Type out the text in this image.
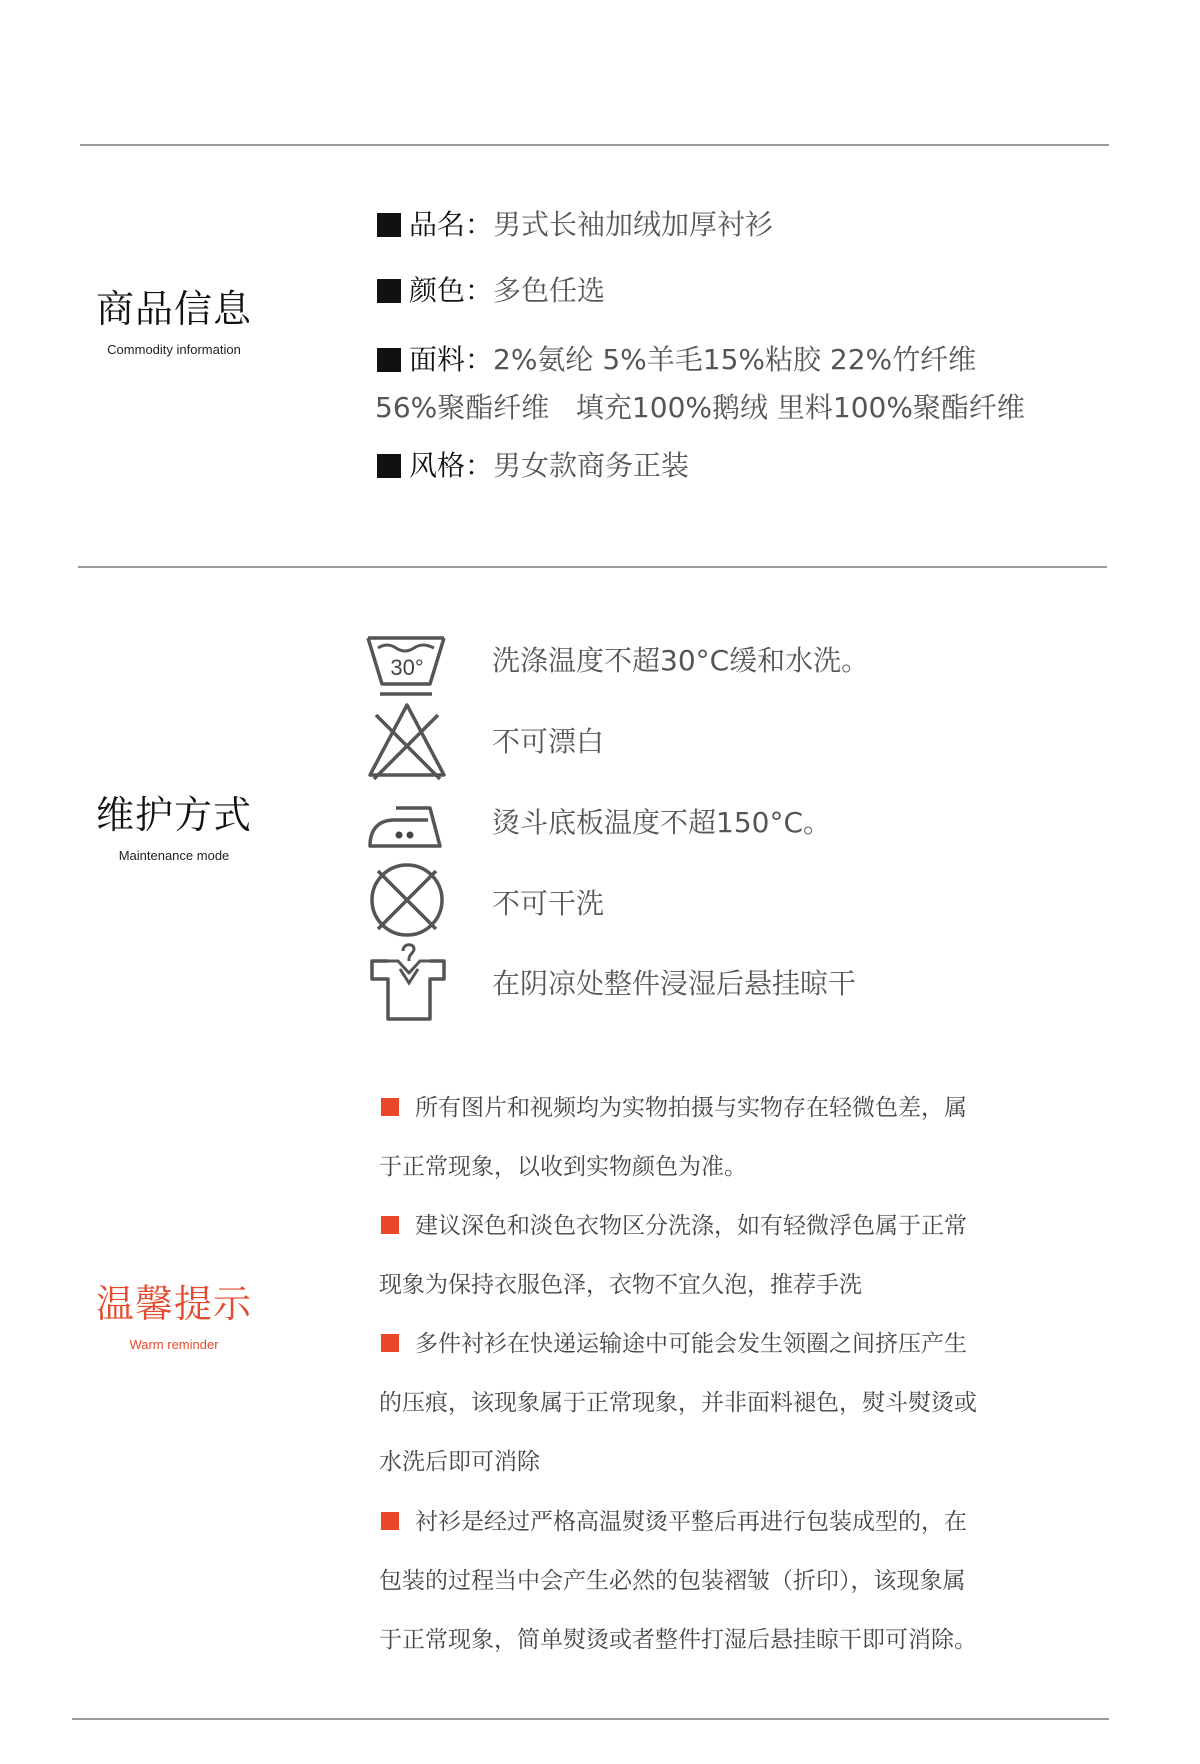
商品信息
Commodity information
品名：男式长袖加绒加厚衬衫
颜色：多色任选
面料：2%氨纶 5%羊毛15%粘胶 22%竹纤维
56%聚酯纤维   填充100%鹅绒 里料100%聚酯纤维
风格：男女款商务正装
维护方式
Maintenance mode
30° 洗涤温度不超30°C缓和水洗。
不可漂白
烫斗底板温度不超150°C。
不可干洗
在阴凉处整件浸湿后悬挂晾干
温馨提示
Warm reminder
所有图片和视频均为实物拍摄与实物存在轻微色差，属
于正常现象，以收到实物颜色为准。
建议深色和淡色衣物区分洗涤，如有轻微浮色属于正常
现象为保持衣服色泽，衣物不宜久泡，推荐手洗
多件衬衫在快递运输途中可能会发生领圈之间挤压产生
的压痕，该现象属于正常现象，并非面料褪色，熨斗熨烫或
水洗后即可消除
衬衫是经过严格高温熨烫平整后再进行包装成型的，在
包装的过程当中会产生必然的包装褶皱（折印），该现象属
于正常现象，简单熨烫或者整件打湿后悬挂晾干即可消除。
